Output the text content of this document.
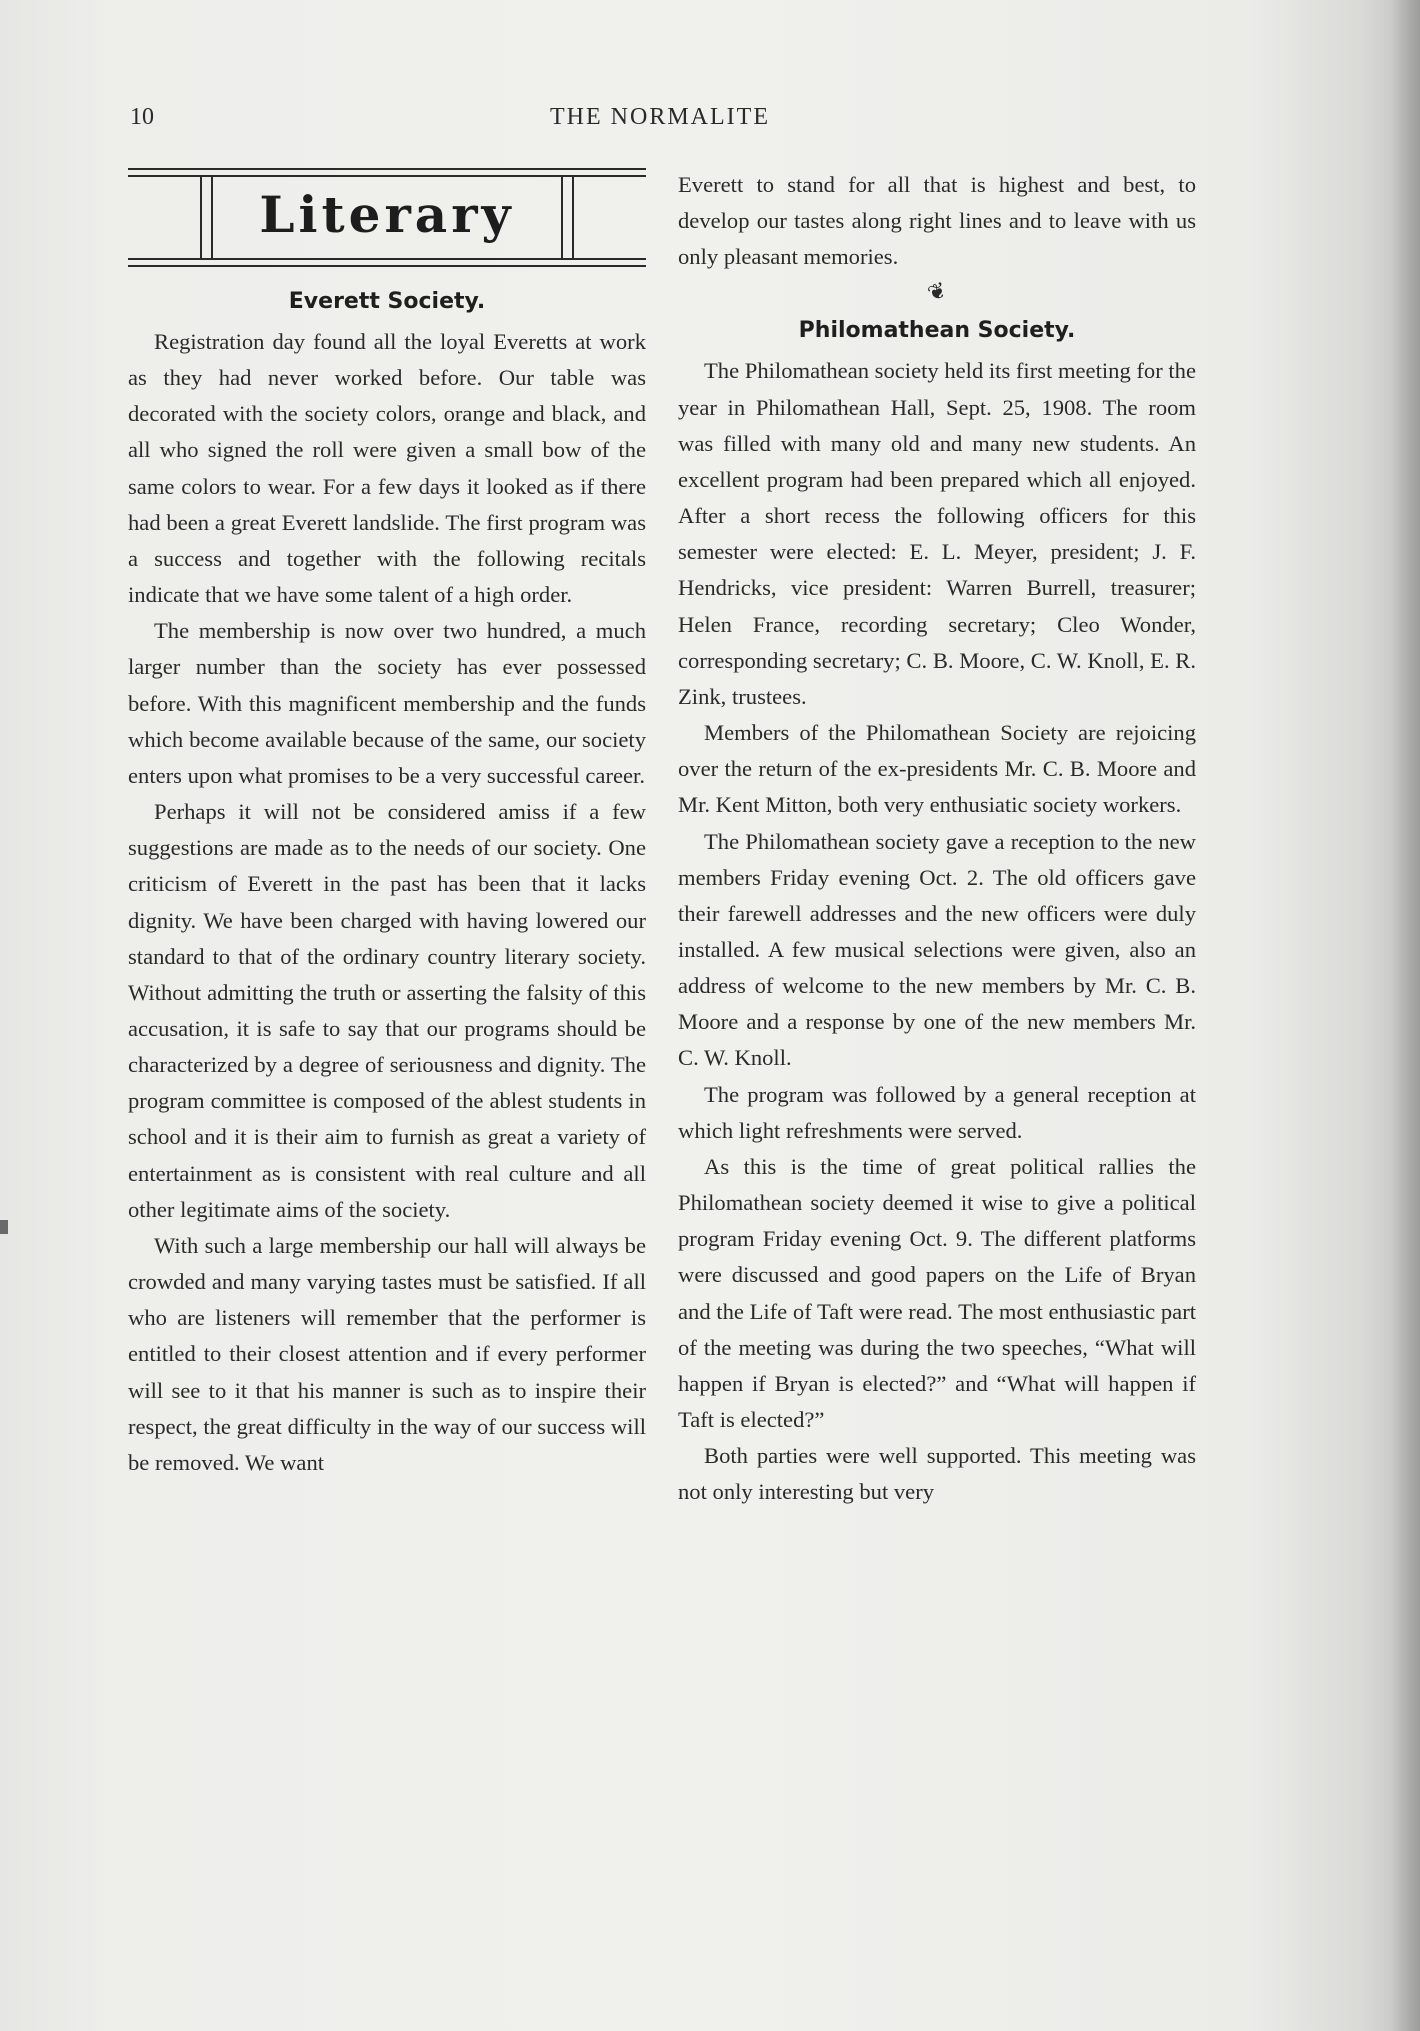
10	THE NORMALITE
Literary
Everett Society.

Registration day found all the loyal Everetts at work as they had never worked before. Our table was decorated with the society colors, orange and black, and all who signed the roll were given a small bow of the same colors to wear. For a few days it looked as if there had been a great Everett landslide. The first program was a success and together with the following recitals indicate that we have some talent of a high order.

The membership is now over two hundred, a much larger number than the society has ever possessed before. With this magnificent membership and the funds which become available because of the same, our society enters upon what promises to be a very successful career.

Perhaps it will not be considered amiss if a few suggestions are made as to the needs of our society. One criticism of Everett in the past has been that it lacks dignity. We have been charged with having lowered our standard to that of the ordinary country literary society. Without admitting the truth or asserting the falsity of this accusation, it is safe to say that our programs should be characterized by a degree of seriousness and dignity. The program committee is composed of the ablest students in school and it is their aim to furnish as great a variety of entertainment as is consistent with real culture and all other legitimate aims of the society.

With such a large membership our hall will always be crowded and many varying tastes must be satisfied. If all who are listeners will remember that the performer is entitled to their closest attention and if every performer will see to it that his manner is such as to inspire their respect, the great difficulty in the way of our success will be removed. We want

Everett to stand for all that is highest and best, to develop our tastes along right lines and to leave with us only pleasant memories.

❦
Philomathean Society.

The Philomathean society held its first meeting for the year in Philomathean Hall, Sept. 25, 1908. The room was filled with many old and many new students. An excellent program had been prepared which all enjoyed. After a short recess the following officers for this semester were elected: E. L. Meyer, president; J. F. Hendricks, vice president: Warren Burrell, treasurer; Helen France, recording secretary; Cleo Wonder, corresponding secretary; C. B. Moore, C. W. Knoll, E. R. Zink, trustees.

Members of the Philomathean Society are rejoicing over the return of the ex-presidents Mr. C. B. Moore and Mr. Kent Mitton, both very enthusiatic society workers.

The Philomathean society gave a reception to the new members Friday evening Oct. 2. The old officers gave their farewell addresses and the new officers were duly installed. A few musical selections were given, also an address of welcome to the new members by Mr. C. B. Moore and a response by one of the new members Mr. C. W. Knoll.

The program was followed by a general reception at which light refreshments were served.

As this is the time of great political rallies the Philomathean society deemed it wise to give a political program Friday evening Oct. 9. The different platforms were discussed and good papers on the Life of Bryan and the Life of Taft were read. The most enthusiastic part of the meeting was during the two speeches, “What will happen if Bryan is elected?” and “What will happen if Taft is elected?”

Both parties were well supported. This meeting was not only interesting but very
